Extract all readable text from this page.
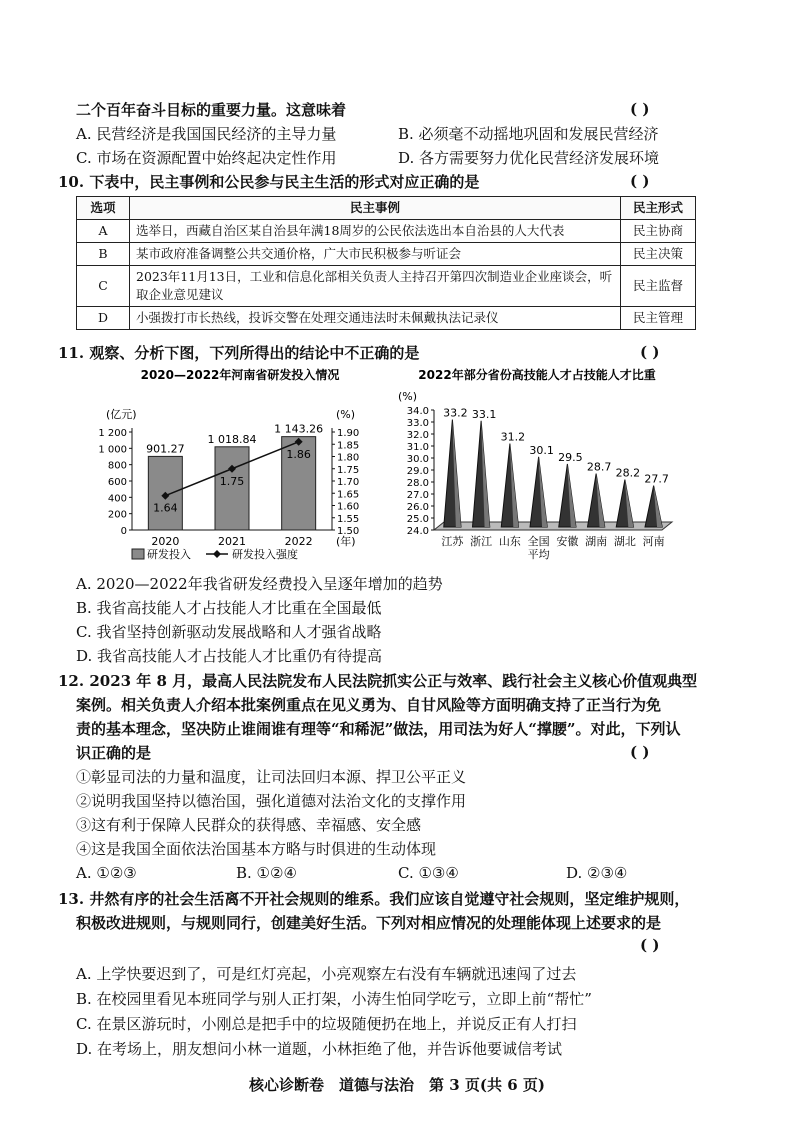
二个百年奋斗目标的重要力量。这意味着	( )
A. 民营经济是我国国民经济的主导力量	B. 必须毫不动摇地巩固和发展民营经济
C. 市场在资源配置中始终起决定性作用	D. 各方需要努力优化民营经济发展环境
10. 下表中，民主事例和公民参与民主生活的形式对应正确的是	( )
选项	民主事例	民主形式
A	选举日，西藏自治区某自治县年满18周岁的公民依法选出本自治县的人大代表	民主协商
B	某市政府准备调整公共交通价格，广大市民积极参与听证会	民主决策
C	2023年11月13日，工业和信息化部相关负责人主持召开第四次制造业企业座谈会，听取企业意见建议	民主监督
D	小强拨打市长热线，投诉交警在处理交通违法时未佩戴执法记录仪	民主管理
11. 观察、分析下图，下列所得出的结论中不正确的是	( )
2020—2022年河南省研发投入情况
(亿元)	(%)
0
200
400
600
800
1 000
1 200
1.50
1.55
1.60
1.65
1.70
1.75
1.80
1.85
1.90
901.27
2020
1 018.84
2021
1 143.26
2022
1.64
1.75
1.86
(年)
研发投入	研发投入强度
2022年部分省份高技能人才占技能人才比重
(%)
24.0
25.0
26.0
27.0
28.0
29.0
30.0
31.0
32.0
33.0
34.0 33.2
江苏
33.1
浙江
31.2
山东
30.1
全国
平均
29.5
安徽
28.7
湖南
28.2
湖北
27.7
河南
A. 2020—2022年我省研发经费投入呈逐年增加的趋势
B. 我省高技能人才占技能人才比重在全国最低
C. 我省坚持创新驱动发展战略和人才强省战略
D. 我省高技能人才占技能人才比重仍有待提高
12. 2023 年 8 月，最高人民法院发布人民法院抓实公正与效率、践行社会主义核心价值观典型
案例。相关负责人介绍本批案例重点在见义勇为、自甘风险等方面明确支持了正当行为免
责的基本理念，坚决防止谁闹谁有理等“和稀泥”做法，用司法为好人“撑腰”。对此，下列认
识正确的是	( )
①彰显司法的力量和温度，让司法回归本源、捍卫公平正义
②说明我国坚持以德治国，强化道德对法治文化的支撑作用
③这有利于保障人民群众的获得感、幸福感、安全感
④这是我国全面依法治国基本方略与时俱进的生动体现
A. ①②③	B. ①②④	C. ①③④	D. ②③④
13. 井然有序的社会生活离不开社会规则的维系。我们应该自觉遵守社会规则，坚定维护规则，
积极改进规则，与规则同行，创建美好生活。下列对相应情况的处理能体现上述要求的是
( )
A. 上学快要迟到了，可是红灯亮起，小亮观察左右没有车辆就迅速闯了过去
B. 在校园里看见本班同学与别人正打架，小涛生怕同学吃亏，立即上前“帮忙”
C. 在景区游玩时，小刚总是把手中的垃圾随便扔在地上，并说反正有人打扫
D. 在考场上，朋友想问小林一道题，小林拒绝了他，并告诉他要诚信考试
核心诊断卷　道德与法治　第 3 页(共 6 页)
